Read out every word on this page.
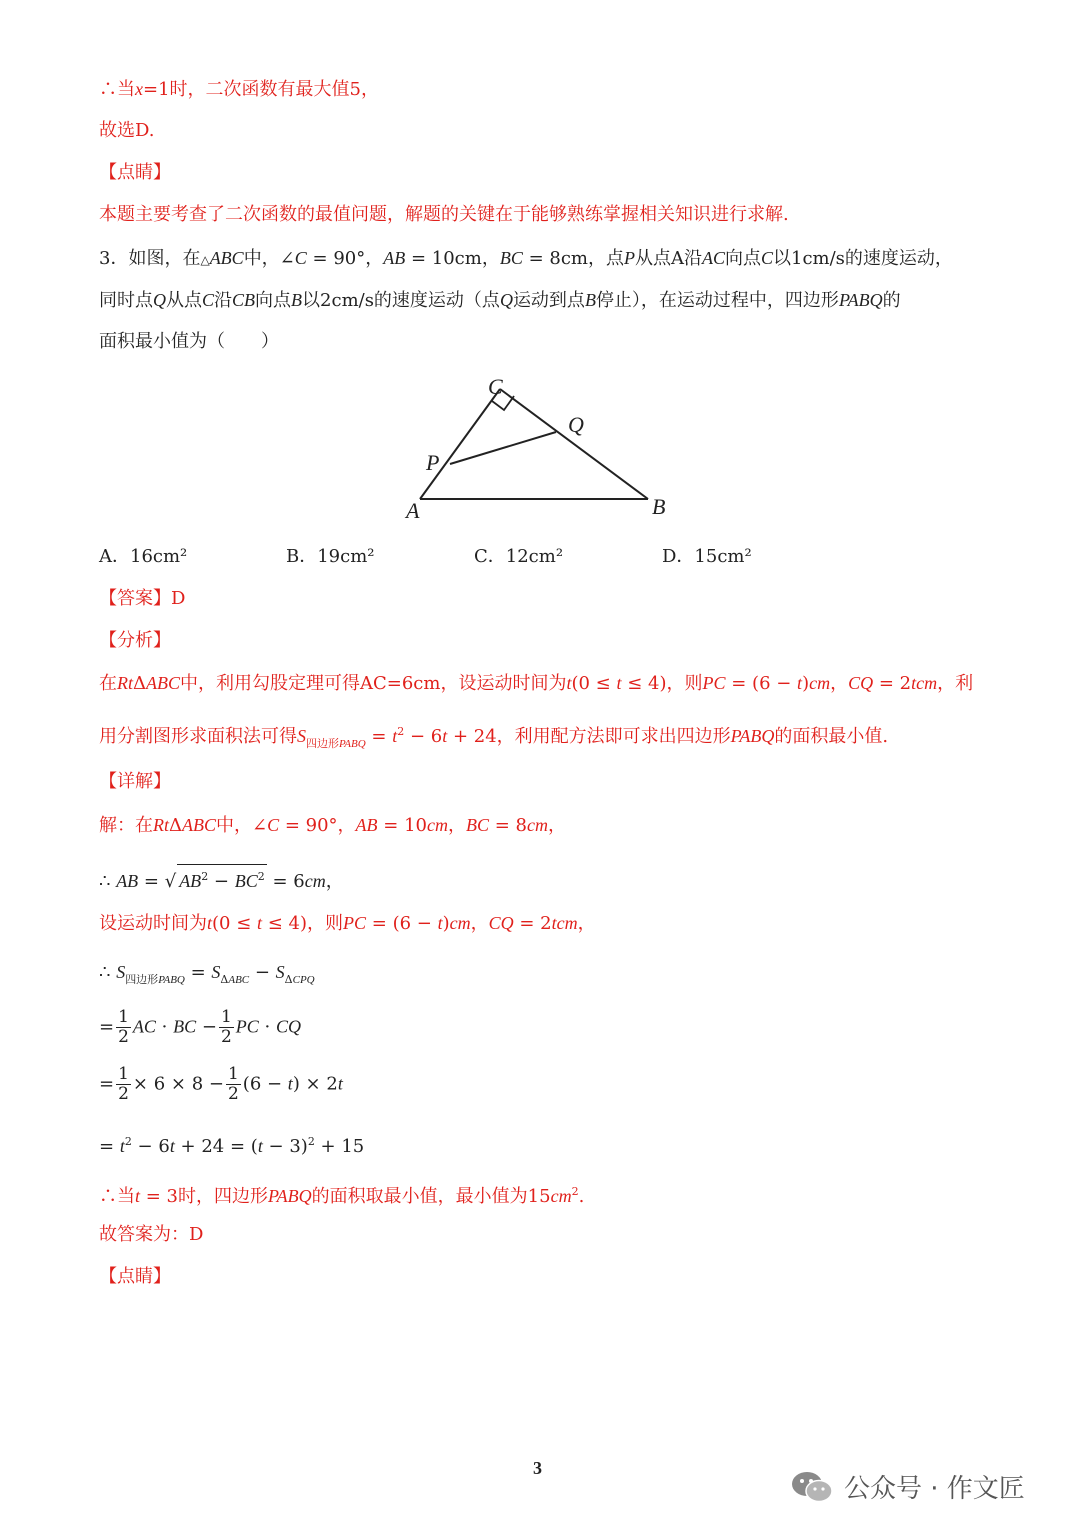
∴当x=1时，二次函数有最大值5，
故选D.
【点睛】
本题主要考查了二次函数的最值问题，解题的关键在于能够熟练掌握相关知识进行求解.
3．如图，在△ABC中，∠C = 90°，AB = 10cm，BC = 8cm，点P从点A沿AC向点C以1cm/s的速度运动，
同时点Q从点C沿CB向点B以2cm/s的速度运动（点Q运动到点B停止），在运动过程中，四边形PABQ的
面积最小值为（　　）
C
Q
P
A	B
A．16cm²	B．19cm²	C．12cm²	D．15cm²
【答案】D
【分析】
在RtΔABC中，利用勾股定理可得AC=6cm，设运动时间为t(0 ≤ t ≤ 4)，则PC = (6 − t)cm，CQ = 2tcm，利
用分割图形求面积法可得$S_{四边形PABQ} = t^2 - 6t + 24$，利用配方法即可求出四边形PABQ的面积最小值.
【详解】
解：在RtΔABC中，∠C = 90°，AB = 10cm，BC = 8cm，
∴ AB = √ $AB^2 - BC^2 = 6cm$，
设运动时间为t(0 ≤ t ≤ 4)，则PC = (6 − t)cm，CQ = 2tcm，
∴ $S_{四边形PABQ} = S_{\Delta ABC} - S_{\Delta CPQ}$
= $\frac{1}{2}$ AC · BC − $\frac{1}{2}$ PC · CQ
= $\frac{1}{2} \times 6 \times 8 - \frac{1}{2} (6 - t) \times 2t$
= $t^2 - 6t + 24 = (t - 3)^2 + 15$
∴当t = 3时，四边形PABQ的面积取最小值，最小值为$15cm^2$.
故答案为：D
【点睛】
3
公众号 · 作文匠
